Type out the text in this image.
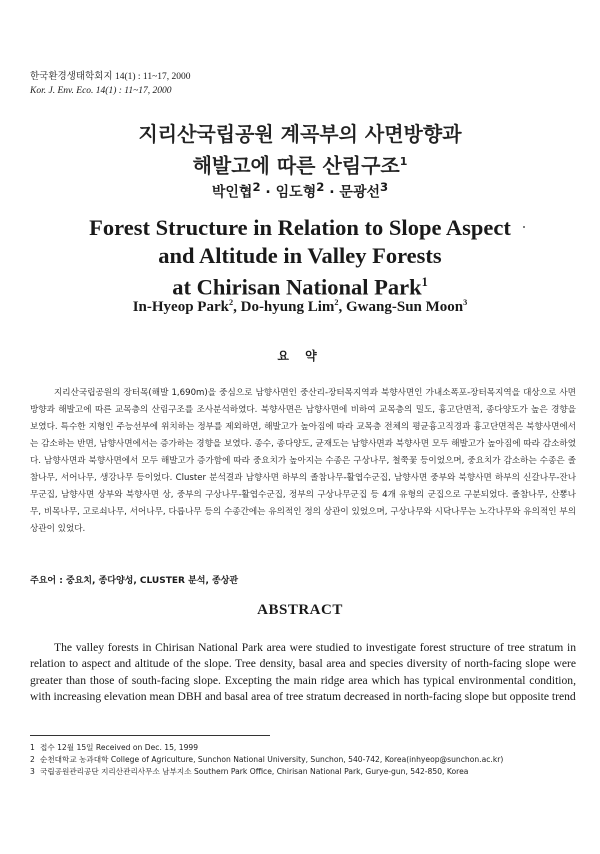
한국환경생태학회지 14(1) : 11~17, 2000
Kor. J. Env. Eco. 14(1) : 11~17, 2000
지리산국립공원 계곡부의 사면방향과
해발고에 따른 산림구조$^1$
박인협$^2$ · 임도형$^2$ · 문광선$^3$
Forest Structure in Relation to Slope Aspect
and Altitude in Valley Forests
at Chirisan National Park$^1$
In-Hyeop Park$^2$, Do-hyung Lim$^2$, Gwang-Sun Moon$^3$
요 약

지리산국립공원의 장터목(해발 1,690m)을 중심으로 남향사면인 중산리-장터목지역과 북향사면인 가내소폭포-장터목지역을 대상으로 사면방향과 해발고에 따른 교목층의 산림구조를 조사분석하였다. 북향사면은 남향사면에 비하여 교목층의 밀도, 흉고단면적, 종다양도가 높은 경향을 보였다. 특수한 지형인 주능선부에 위치하는 정부를 제외하면, 해발고가 높아짐에 따라 교목층 전체의 평균흉고직경과 흉고단면적은 북향사면에서는 감소하는 반면, 남향사면에서는 증가하는 경향을 보였다. 종수, 종다양도, 균재도는 남향사면과 북향사면 모두 해발고가 높아짐에 따라 감소하였다. 남향사면과 북향사면에서 모두 해발고가 증가함에 따라 중요치가 높아지는 수종은 구상나무, 철쭉꽃 등이었으며, 중요치가 감소하는 수종은 졸참나무, 서어나무, 생강나무 등이었다. Cluster 분석결과 남향사면 하부의 졸참나무-활엽수군집, 남향사면 중부와 북향사면 하부의 신갈나무-잔나무군집, 남향사면 상부와 북향사면 상, 중부의 구상나무-활엽수군집, 정부의 구상나무군집 등 4개 유형의 군집으로 구분되었다. 졸참나무, 산뽕나무, 비목나무, 고로쇠나무, 서어나무, 다릅나무 등의 수종간에는 유의적인 정의 상관이 있었으며, 구상나무와 시닥나무는 노각나무와 유의적인 부의 상관이 있었다.

주요어 : 중요치, 종다양성, CLUSTER 분석, 종상관
ABSTRACT

The valley forests in Chirisan National Park area were studied to investigate forest structure of tree stratum in relation to aspect and altitude of the slope. Tree density, basal area and species diversity of north-facing slope were greater than those of south-facing slope. Excepting the main ridge area which has typical environmental condition, with increasing elevation mean DBH and basal area of tree stratum decreased in north-facing slope but opposite trend

1 접수 12월 15일 Received on Dec. 15, 1999
2 순천대학교 농과대학 College of Agriculture, Sunchon National University, Sunchon, 540-742, Korea(inhyeop@sunchon.ac.kr)
3 국립공원관리공단 지리산관리사무소 남부지소 Southern Park Office, Chirisan National Park, Gurye-gun, 542-850, Korea
